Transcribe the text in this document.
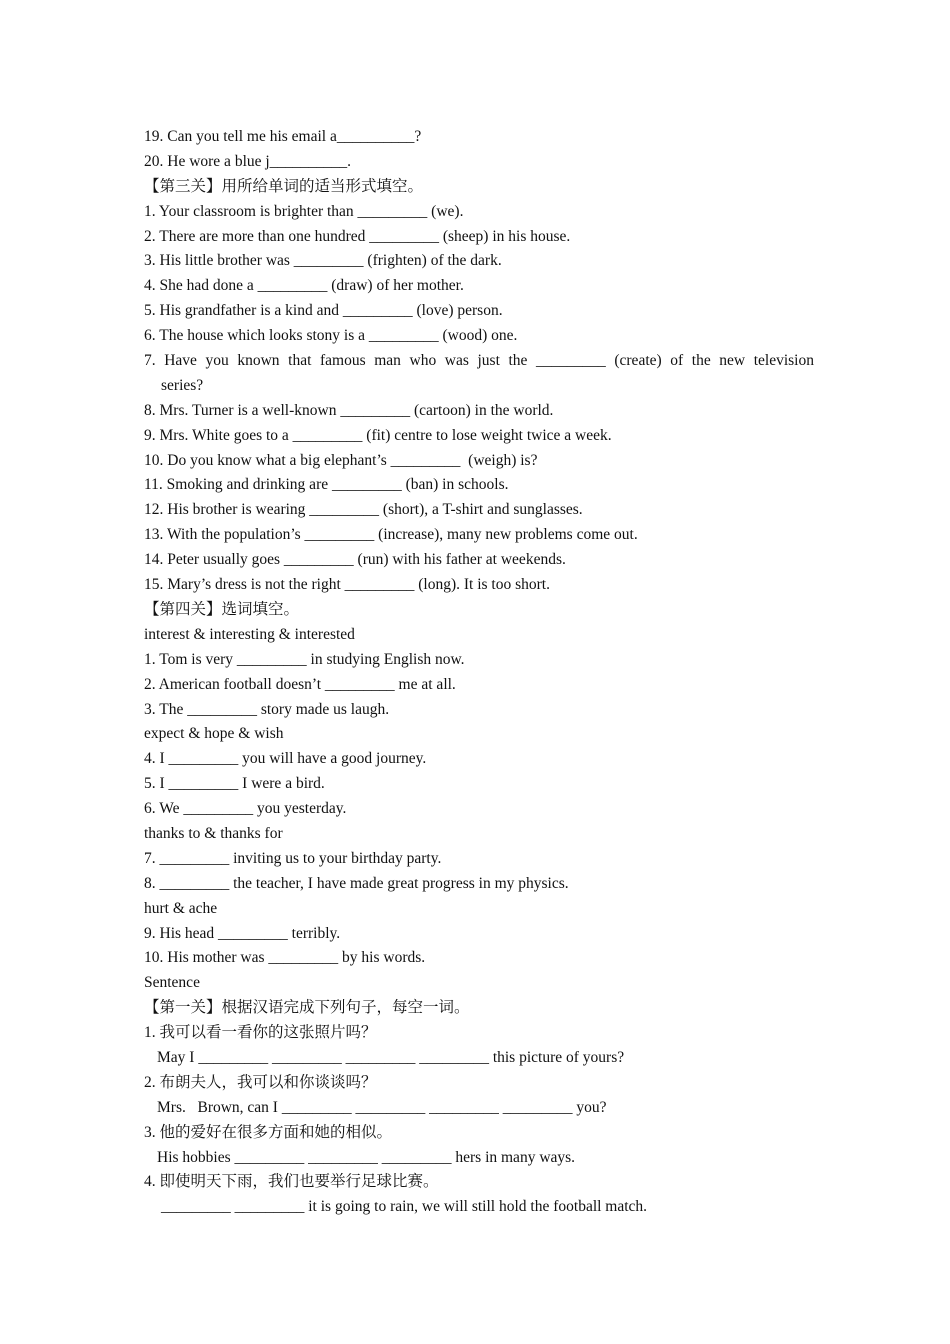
19. Can you tell me his email a__________?
20. He wore a blue j__________.
【第三关】用所给单词的适当形式填空。
1. Your classroom is brighter than _________ (we).
2. There are more than one hundred _________ (sheep) in his house.
3. His little brother was _________ (frighten) of the dark.
4. She had done a _________ (draw) of her mother.
5. His grandfather is a kind and _________ (love) person.
6. The house which looks stony is a _________ (wood) one.
7. Have you known that famous man who was just the _________ (create) of the new television
series?
8. Mrs. Turner is a well-known _________ (cartoon) in the world.
9. Mrs. White goes to a _________ (fit) centre to lose weight twice a week.
10. Do you know what a big elephant’s _________  (weigh) is?
11. Smoking and drinking are _________ (ban) in schools.
12. His brother is wearing _________ (short), a T-shirt and sunglasses.
13. With the population’s _________ (increase), many new problems come out.
14. Peter usually goes _________ (run) with his father at weekends.
15. Mary’s dress is not the right _________ (long). It is too short.
【第四关】选词填空。
interest & interesting & interested
1. Tom is very _________ in studying English now.
2. American football doesn’t _________ me at all.
3. The _________ story made us laugh.
expect & hope & wish
4. I _________ you will have a good journey.
5. I _________ I were a bird.
6. We _________ you yesterday.
thanks to & thanks for
7. _________ inviting us to your birthday party.
8. _________ the teacher, I have made great progress in my physics.
hurt & ache
9. His head _________ terribly.
10. His mother was _________ by his words.
Sentence
【第一关】根据汉语完成下列句子，每空一词。
1. 我可以看一看你的这张照片吗？
May I _________ _________ _________ _________ this picture of yours?
2. 布朗夫人，我可以和你谈谈吗？
Mrs.   Brown, can I _________ _________ _________ _________ you?
3. 他的爱好在很多方面和她的相似。
His hobbies _________ _________ _________ hers in many ways.
4. 即使明天下雨，我们也要举行足球比赛。
_________ _________ it is going to rain, we will still hold the football match.
